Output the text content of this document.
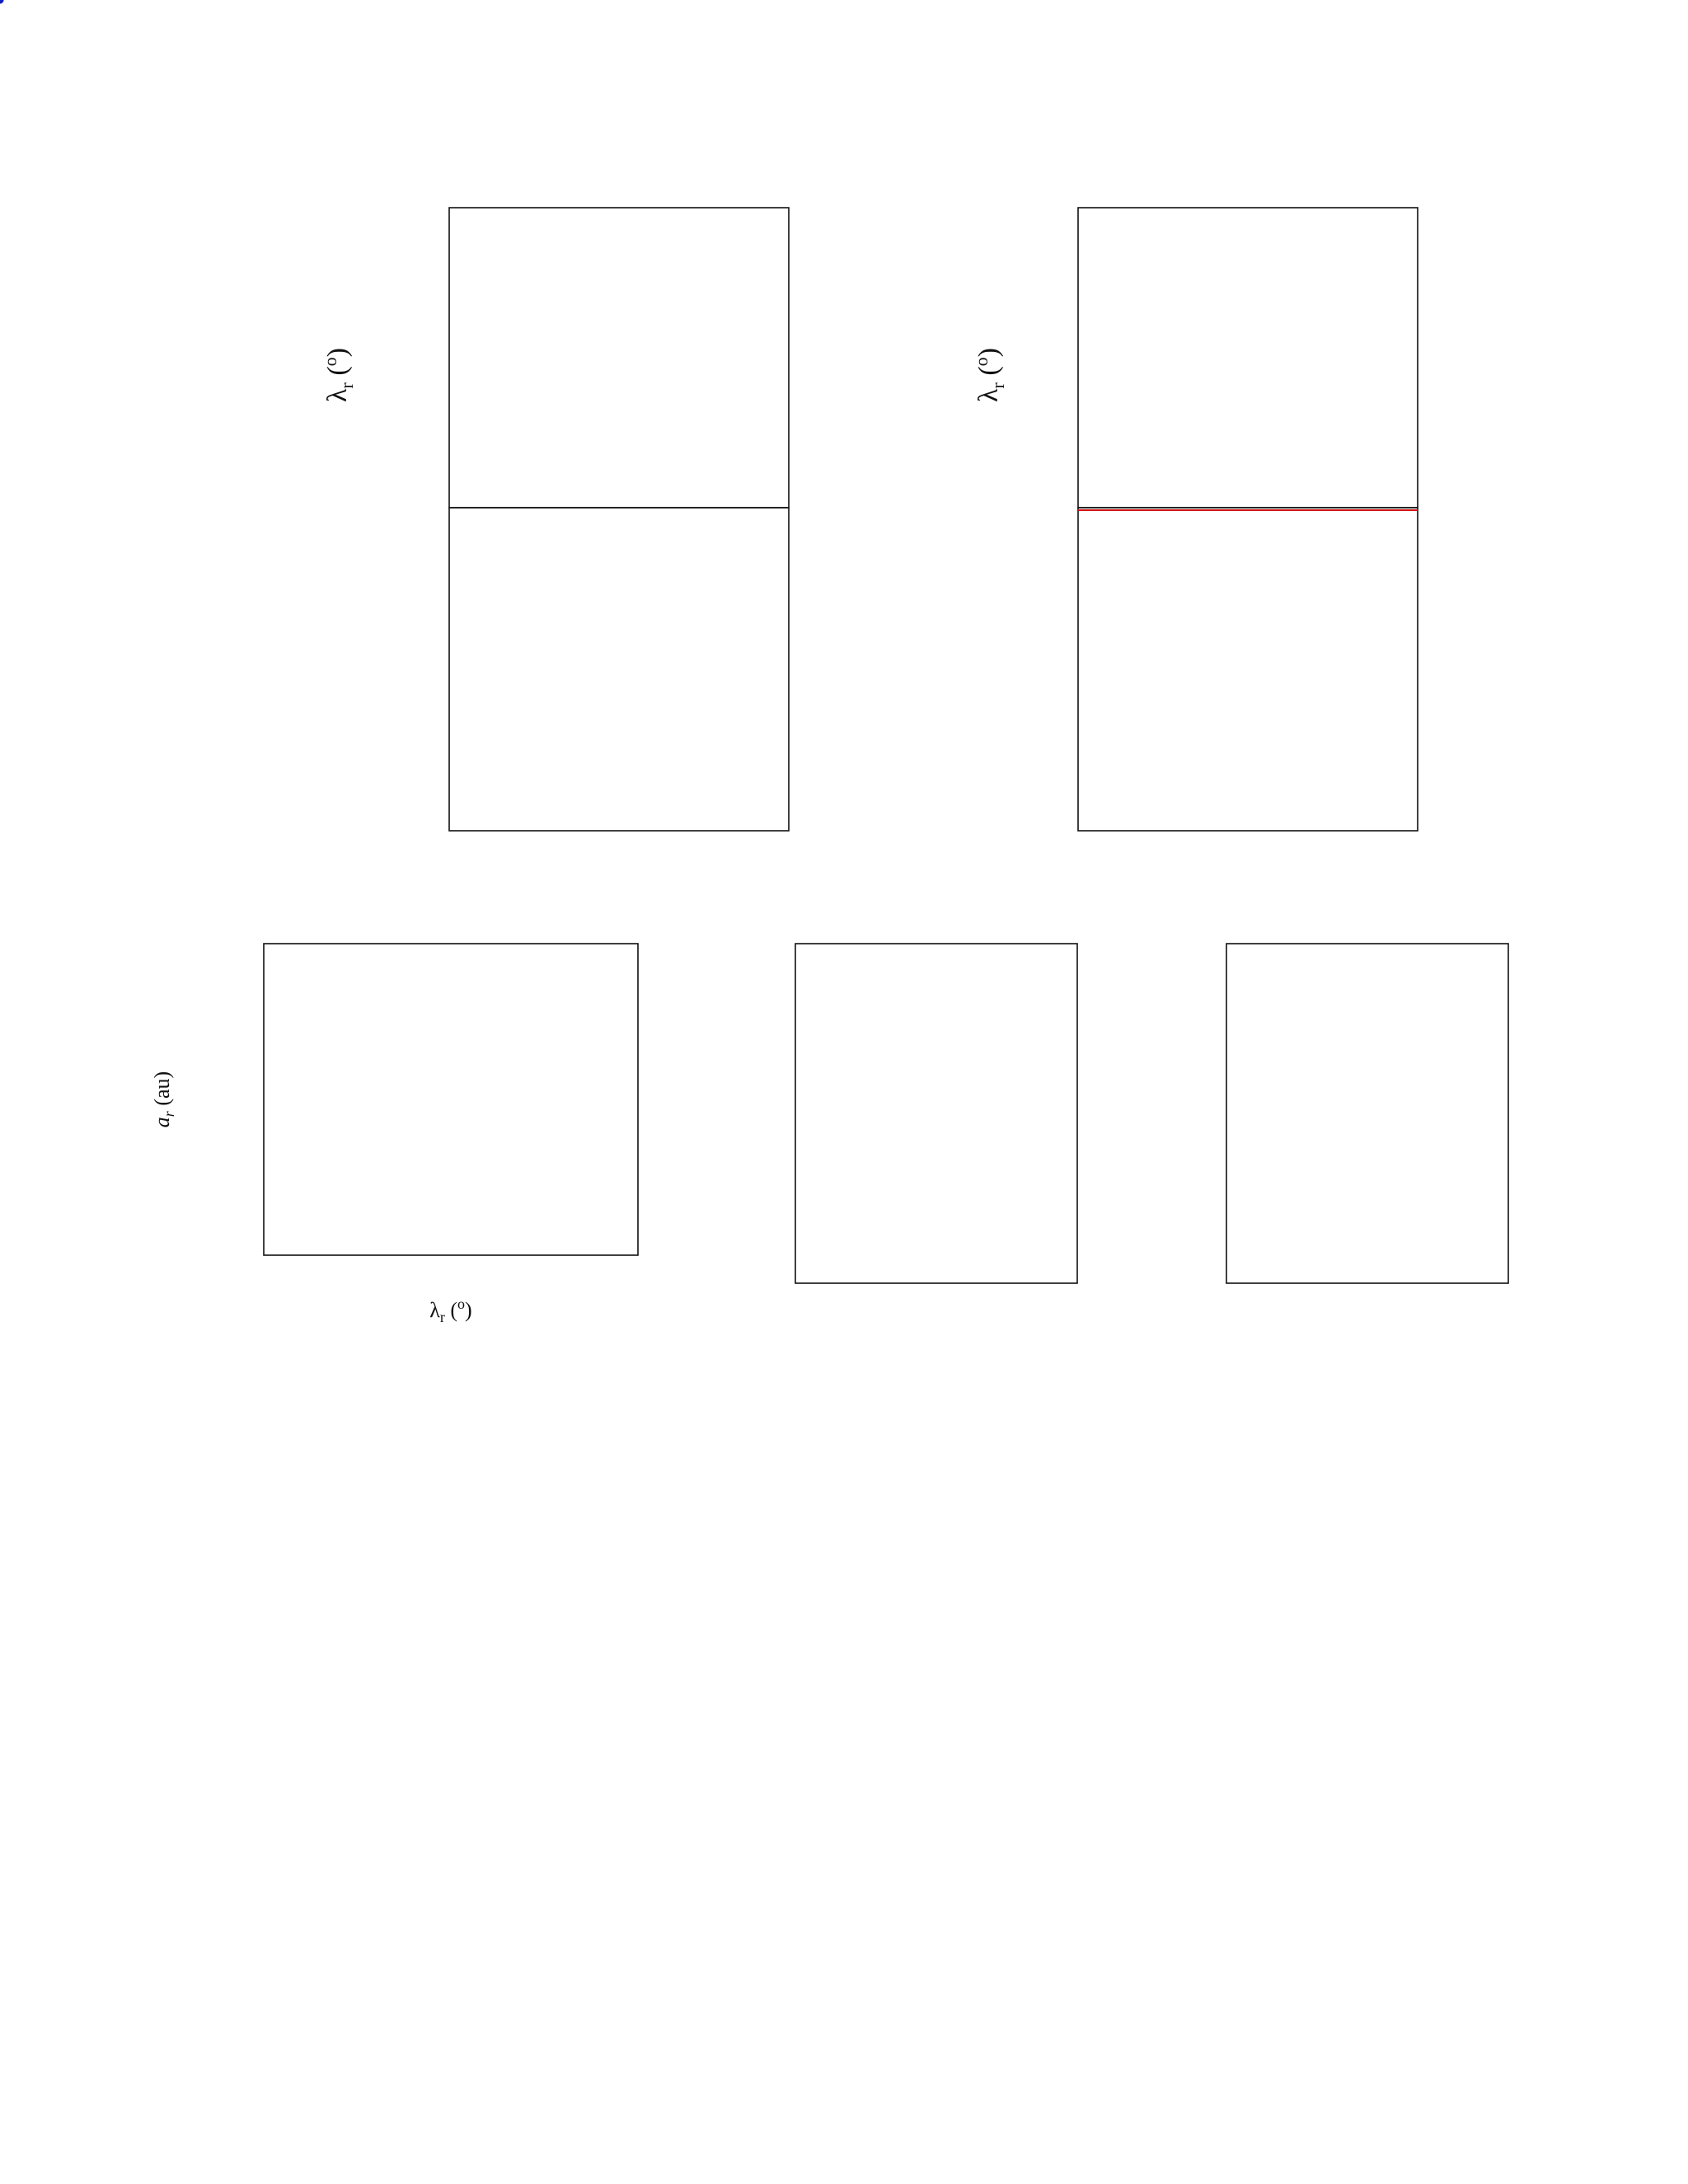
$\lambda_r$ ($^o$)
$\lambda_r$ ($^o$)
$a_r$ (au)
$\lambda_r$ ($^o$)
